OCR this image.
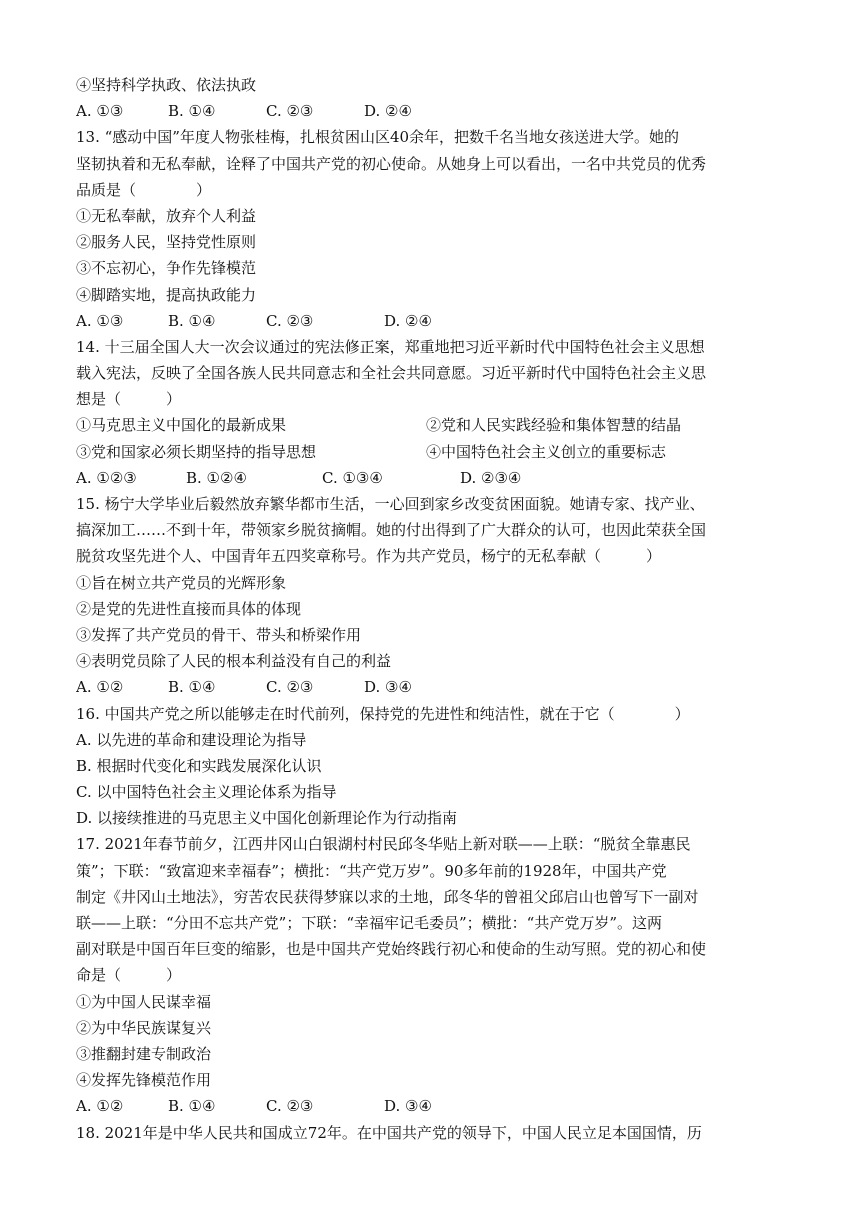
④坚持科学执政、依法执政
A. ①③	B. ①④	C. ②③	D. ②④
13. “感动中国”年度人物张桂梅，扎根贫困山区40余年，把数千名当地女孩送进大学。她的
坚韧执着和无私奉献，诠释了中国共产党的初心使命。从她身上可以看出，一名中共党员的优秀
品质是（　　　　）
①无私奉献，放弃个人利益
②服务人民，坚持党性原则
③不忘初心，争作先锋模范
④脚踏实地，提高执政能力
A. ①③	B. ①④	C. ②③	D. ②④
14. 十三届全国人大一次会议通过的宪法修正案，郑重地把习近平新时代中国特色社会主义思想
载入宪法，反映了全国各族人民共同意志和全社会共同意愿。习近平新时代中国特色社会主义思
想是（　　　）
①马克思主义中国化的最新成果	②党和人民实践经验和集体智慧的结晶
③党和国家必须长期坚持的指导思想	④中国特色社会主义创立的重要标志
A. ①②③	B. ①②④	C. ①③④	D. ②③④
15. 杨宁大学毕业后毅然放弃繁华都市生活，一心回到家乡改变贫困面貌。她请专家、找产业、
搞深加工……不到十年，带领家乡脱贫摘帽。她的付出得到了广大群众的认可，也因此荣获全国
脱贫攻坚先进个人、中国青年五四奖章称号。作为共产党员，杨宁的无私奉献（　　　）
①旨在树立共产党员的光辉形象
②是党的先进性直接而具体的体现
③发挥了共产党员的骨干、带头和桥梁作用
④表明党员除了人民的根本利益没有自己的利益
A. ①②	B. ①④	C. ②③	D. ③④
16. 中国共产党之所以能够走在时代前列，保持党的先进性和纯洁性，就在于它（　　　　）
A. 以先进的革命和建设理论为指导
B. 根据时代变化和实践发展深化认识
C. 以中国特色社会主义理论体系为指导
D. 以接续推进的马克思主义中国化创新理论作为行动指南
17. 2021年春节前夕，江西井冈山白银湖村村民邱冬华贴上新对联——上联：“脱贫全靠惠民
策”；下联：“致富迎来幸福春”；横批：“共产党万岁”。90多年前的1928年，中国共产党
制定《井冈山土地法》，穷苦农民获得梦寐以求的土地，邱冬华的曾祖父邱启山也曾写下一副对
联——上联：“分田不忘共产党”；下联：“幸福牢记毛委员”；横批：“共产党万岁”。这两
副对联是中国百年巨变的缩影，也是中国共产党始终践行初心和使命的生动写照。党的初心和使
命是（　　　）
①为中国人民谋幸福
②为中华民族谋复兴
③推翻封建专制政治
④发挥先锋模范作用
A. ①②	B. ①④	C. ②③	D. ③④
18. 2021年是中华人民共和国成立72年。在中国共产党的领导下，中国人民立足本国国情，历
